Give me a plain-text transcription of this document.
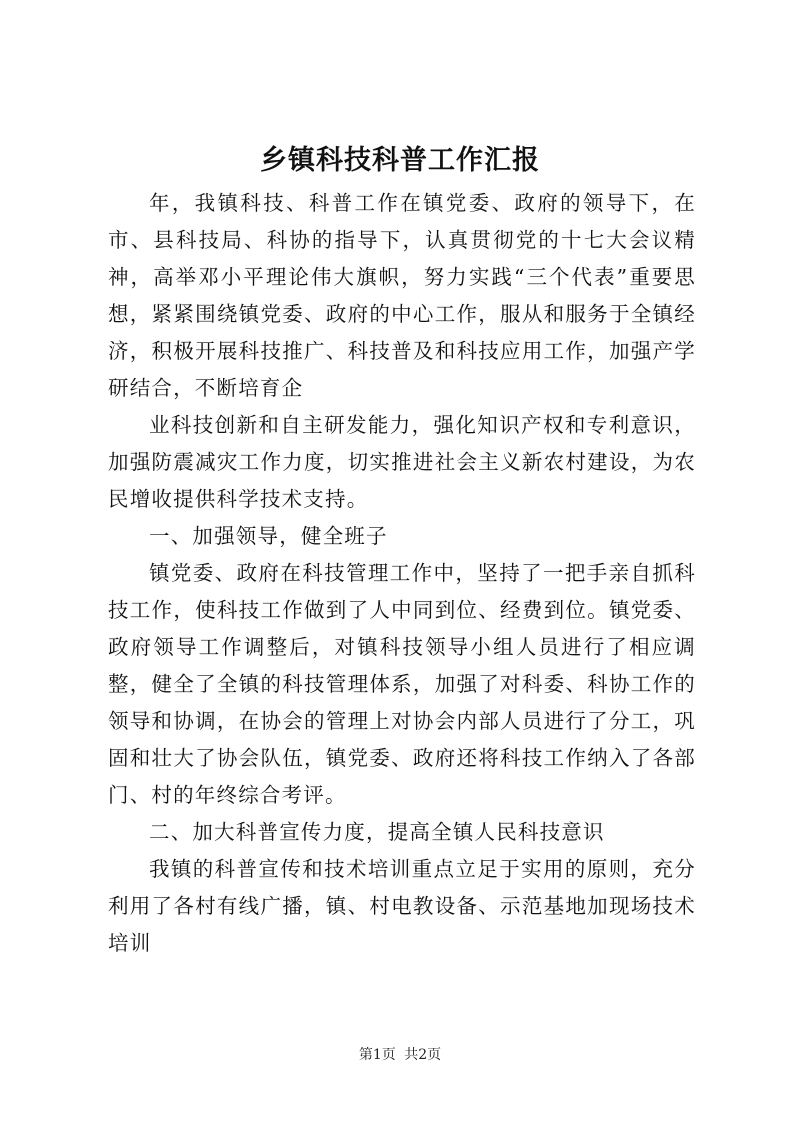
乡镇科技科普工作汇报

年，我镇科技、科普工作在镇党委、政府的领导下，在市、县科技局、科协的指导下，认真贯彻党的十七大会议精神，高举邓小平理论伟大旗帜，努力实践“三个代表”重要思想，紧紧围绕镇党委、政府的中心工作，服从和服务于全镇经济，积极开展科技推广、科技普及和科技应用工作，加强产学研结合，不断培育企

业科技创新和自主研发能力，强化知识产权和专利意识，加强防震减灾工作力度，切实推进社会主义新农村建设，为农民增收提供科学技术支持。

一、加强领导，健全班子

镇党委、政府在科技管理工作中，坚持了一把手亲自抓科技工作，使科技工作做到了人中同到位、经费到位。镇党委、政府领导工作调整后，对镇科技领导小组人员进行了相应调整，健全了全镇的科技管理体系，加强了对科委、科协工作的领导和协调，在协会的管理上对协会内部人员进行了分工，巩固和壮大了协会队伍，镇党委、政府还将科技工作纳入了各部门、村的年终综合考评。

二、加大科普宣传力度，提高全镇人民科技意识

我镇的科普宣传和技术培训重点立足于实用的原则，充分利用了各村有线广播，镇、村电教设备、示范基地加现场技术培训

第1页 共2页
